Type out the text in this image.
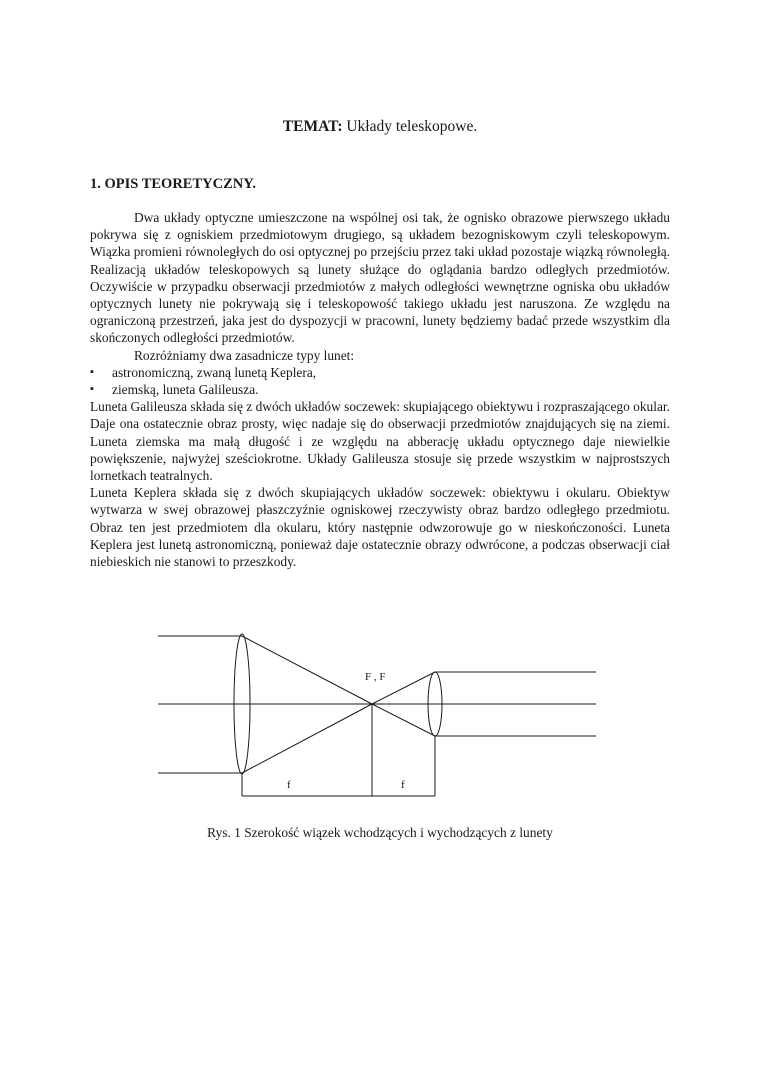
TEMAT: Układy teleskopowe.
1. OPIS TEORETYCZNY.

Dwa układy optyczne umieszczone na wspólnej osi tak, że ognisko obrazowe pierwszego układu pokrywa się z ogniskiem przedmiotowym drugiego, są układem bezogniskowym czyli teleskopowym. Wiązka promieni równoległych do osi optycznej po przejściu przez taki układ pozostaje wiązką równoległą. Realizacją układów teleskopowych są lunety służące do oglądania bardzo odległych przedmiotów. Oczywiście w przypadku obserwacji przedmiotów z małych odległości wewnętrzne ogniska obu układów optycznych lunety nie pokrywają się i teleskopowość takiego układu jest naruszona. Ze względu na ograniczoną przestrzeń, jaka jest do dyspozycji w pracowni, lunety będziemy badać przede wszystkim dla skończonych odległości przedmiotów.

Rozróżniamy dwa zasadnicze typy lunet:

▪ astronomiczną, zwaną lunetą Keplera,
▪ ziemską, luneta Galileusza.

Luneta Galileusza składa się z dwóch układów soczewek: skupiającego obiektywu i rozpraszającego okular. Daje ona ostatecznie obraz prosty, więc nadaje się do obserwacji przedmiotów znajdujących się na ziemi. Luneta ziemska ma małą długość i ze względu na abberację układu optycznego daje niewielkie powiększenie, najwyżej sześciokrotne. Układy Galileusza stosuje się przede wszystkim w najprostszych lornetkach teatralnych.

Luneta Keplera składa się z dwóch skupiających układów soczewek: obiektywu i okularu. Obiektyw wytwarza w swej obrazowej płaszczyźnie ogniskowej rzeczywisty obraz bardzo odległego przedmiotu. Obraz ten jest przedmiotem dla okularu, który następnie odwzorowuje go w nieskończoności. Luneta Keplera jest lunetą astronomiczną, ponieważ daje ostatecznie obrazy odwrócone, a podczas obserwacji ciał niebieskich nie stanowi to przeszkody.

F , F
f	f
Rys. 1 Szerokość wiązek wchodzących i wychodzących z lunety
